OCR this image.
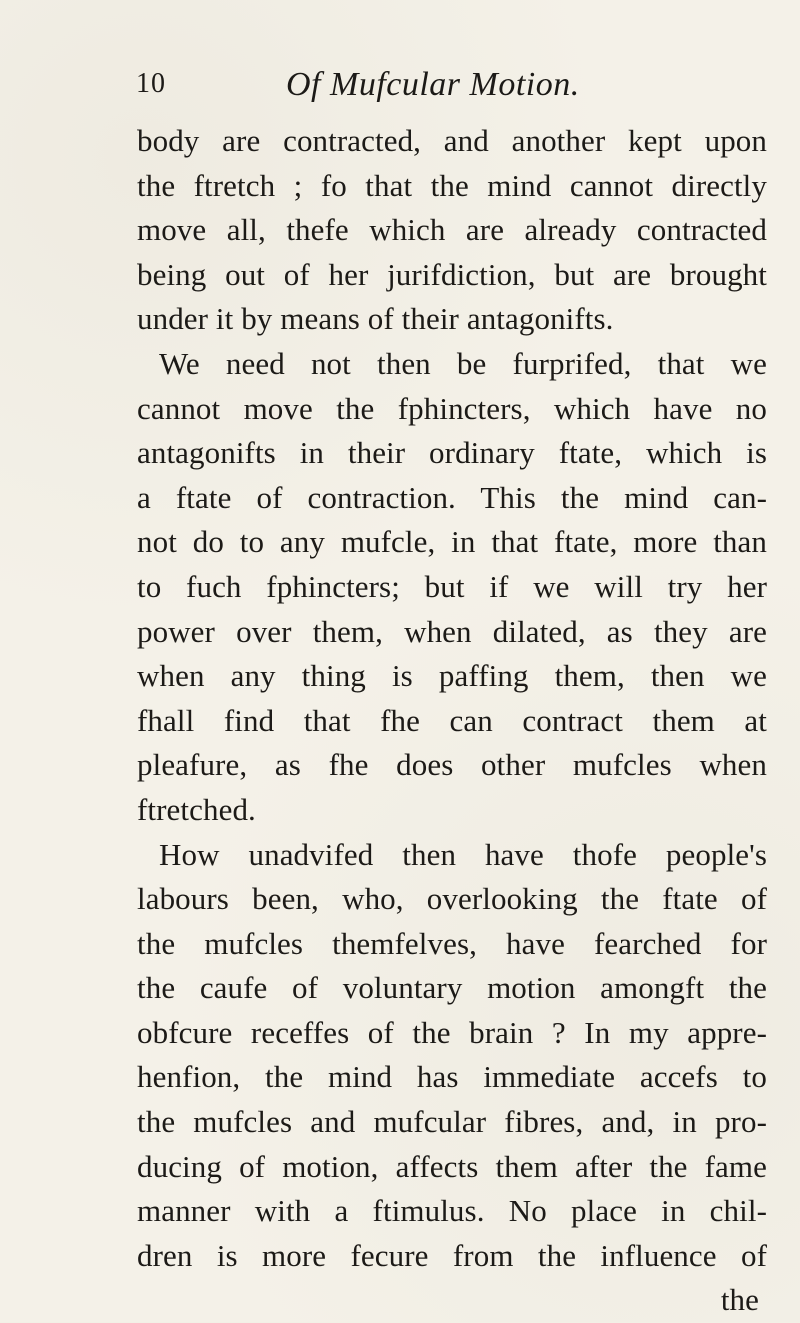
10	Of Mufcular Motion.
body are contracted, and another kept upon
the ftretch ; fo that the mind cannot directly
move all, thefe which are already contracted
being out of her jurifdiction, but are brought
under it by means of their antagonifts.
We need not then be furprifed, that we
cannot move the fphincters, which have no
antagonifts in their ordinary ftate, which is
a ftate of contraction. This the mind can-
not do to any mufcle, in that ftate, more than
to fuch fphincters; but if we will try her
power over them, when dilated, as they are
when any thing is paffing them, then we
fhall find that fhe can contract them at
pleafure, as fhe does other mufcles when
ftretched.
How unadvifed then have thofe people's
labours been, who, overlooking the ftate of
the mufcles themfelves, have fearched for
the caufe of voluntary motion amongft the
obfcure receffes of the brain ? In my appre-
henfion, the mind has immediate accefs to
the mufcles and mufcular fibres, and, in pro-
ducing of motion, affects them after the fame
manner with a ftimulus. No place in chil-
dren is more fecure from the influence of
the
